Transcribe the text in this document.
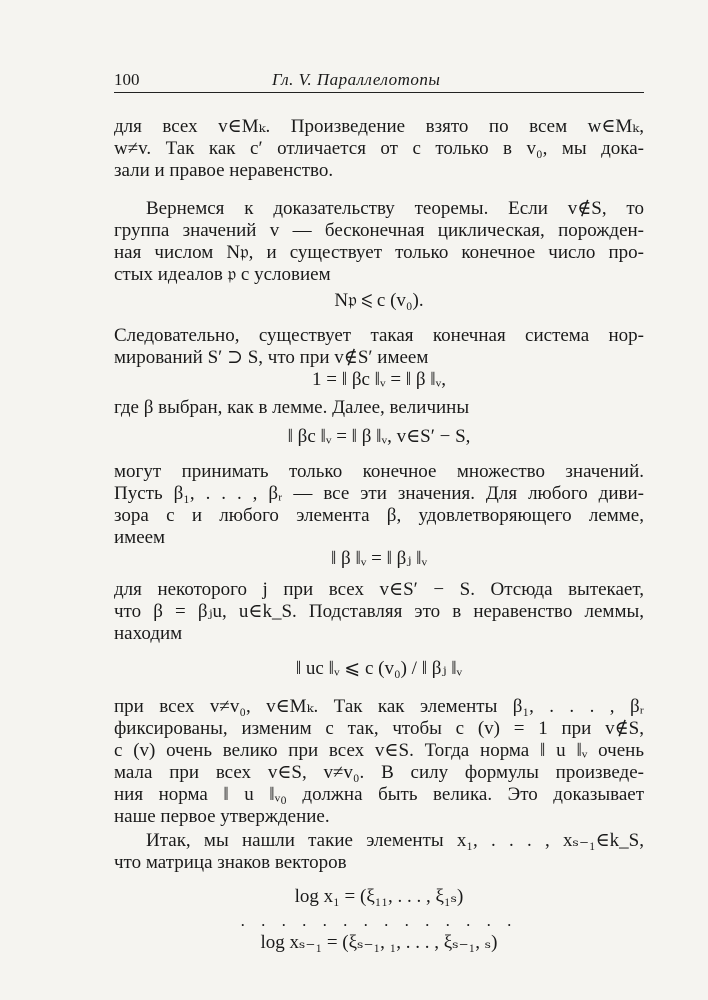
100	Гл. V. Параллелотопы
для всех v∈Mₖ. Произведение взято по всем w∈Mₖ,
w≠v. Так как c′ отличается от c только в v₀, мы дока-
зали и правое неравенство.
Вернемся к доказательству теоремы. Если v∉S, то
группа значений v — бесконечная циклическая, порожден-
ная числом N𝔭, и существует только конечное число про-
стых идеалов 𝔭 с условием
N𝔭 ⩽ c (v₀).
Следовательно, существует такая конечная система нор-
мирований S′ ⊃ S, что при v∉S′ имеем
1 = ‖ βc ‖ᵥ = ‖ β ‖ᵥ,
где β выбран, как в лемме. Далее, величины
‖ βc ‖ᵥ = ‖ β ‖ᵥ, v∈S′ − S,
могут принимать только конечное множество значений.
Пусть β₁, . . . , βᵣ — все эти значения. Для любого диви-
зора c и любого элемента β, удовлетворяющего лемме,
имеем
‖ β ‖ᵥ = ‖ βⱼ ‖ᵥ
для некоторого j при всех v∈S′ − S. Отсюда вытекает,
что β = βⱼu, u∈k_S. Подставляя это в неравенство леммы,
находим
‖ uc ‖ᵥ ⩽ c (v₀) / ‖ βⱼ ‖ᵥ
при всех v≠v₀, v∈Mₖ. Так как элементы β₁, . . . , βᵣ
фиксированы, изменим c так, чтобы c (v) = 1 при v∉S,
c (v) очень велико при всех v∈S. Тогда норма ‖ u ‖ᵥ очень
мала при всех v∈S, v≠v₀. В силу формулы произведе-
ния норма ‖ u ‖ᵥ₀ должна быть велика. Это доказывает
наше первое утверждение.
Итак, мы нашли такие элементы x₁, . . . , xₛ₋₁∈k_S,
что матрица знаков векторов
log x₁ = (ξ₁₁, . . . , ξ₁ₛ)
. . . . . . . . . . . . . .
log xₛ₋₁ = (ξₛ₋₁, ₁, . . . , ξₛ₋₁, ₛ)
